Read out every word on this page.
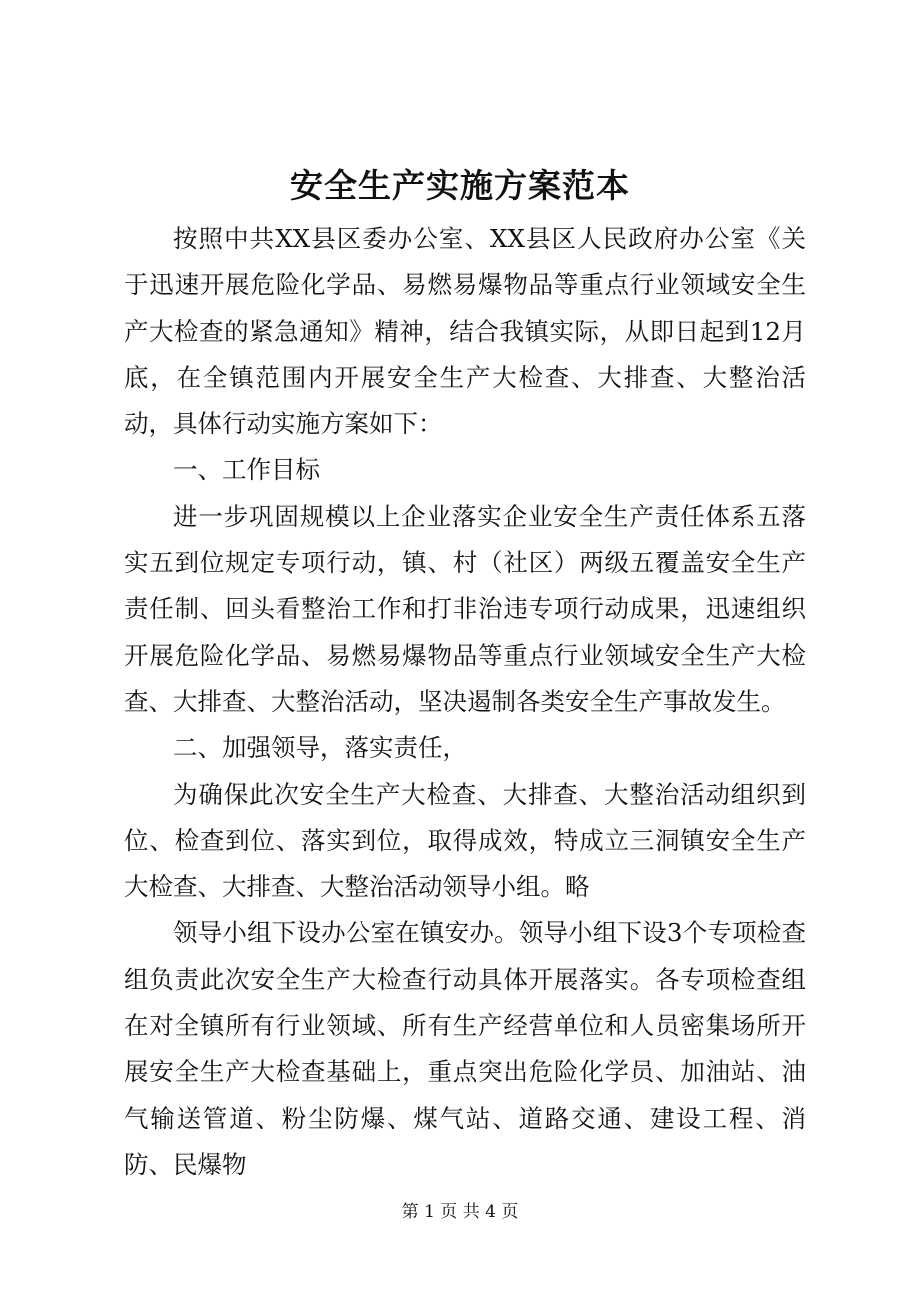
安全生产实施方案范本

按照中共XX县区委办公室、XX县区人民政府办公室《关于迅速开展危险化学品、易燃易爆物品等重点行业领域安全生产大检查的紧急通知》精神，结合我镇实际，从即日起到12月底，在全镇范围内开展安全生产大检查、大排查、大整治活动，具体行动实施方案如下：

一、工作目标

进一步巩固规模以上企业落实企业安全生产责任体系五落实五到位规定专项行动，镇、村（社区）两级五覆盖安全生产责任制、回头看整治工作和打非治违专项行动成果，迅速组织开展危险化学品、易燃易爆物品等重点行业领域安全生产大检查、大排查、大整治活动，坚决遏制各类安全生产事故发生。

二、加强领导，落实责任，

为确保此次安全生产大检查、大排查、大整治活动组织到位、检查到位、落实到位，取得成效，特成立三洞镇安全生产大检查、大排查、大整治活动领导小组。略

领导小组下设办公室在镇安办。领导小组下设3个专项检查组负责此次安全生产大检查行动具体开展落实。各专项检查组在对全镇所有行业领域、所有生产经营单位和人员密集场所开展安全生产大检查基础上，重点突出危险化学员、加油站、油气输送管道、粉尘防爆、煤气站、道路交通、建设工程、消防、民爆物

第 1 页 共 4 页
